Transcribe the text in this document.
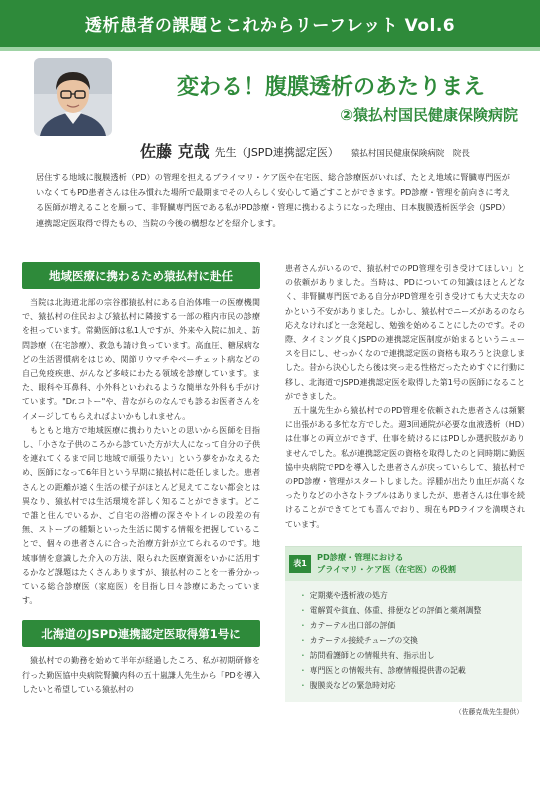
透析患者の課題とこれからリーフレット Vol.6
変わる！腹膜透析のあたりまえ
②猿払村国民健康保険病院
佐藤 克哉 先生（JSPD連携認定医） 猿払村国民健康保険病院　院長

居住する地域に腹膜透析（PD）の管理を担えるプライマリ・ケア医や在宅医、総合診療医がいれば、たとえ地域に腎臓専門医がいなくてもPD患者さんは住み慣れた場所で最期までその人らしく安心して過ごすことができます。PD診療・管理を前向きに考える医師が増えることを願って、非腎臓専門医である私がPD診療・管理に携わるようになった理由、日本腹膜透析医学会（JSPD）連携認定医取得で得たもの、当院の今後の構想などを紹介します。

地域医療に携わるため猿払村に赴任

当院は北海道北部の宗谷郡猿払村にある自治体唯一の医療機関で、猿払村の住民および猿払村に隣接する一部の稚内市民の診療を担っています。常勤医師は私1人ですが、外来や入院に加え、訪問診療（在宅診療）、救急も請け負っています。高血圧、糖尿病などの生活習慣病をはじめ、関節リウマチやベーチェット病などの自己免疫疾患、がんなど多岐にわたる領域を診療しています。また、眼科や耳鼻科、小外科といわれるような簡単な外科も手がけています。"Dr.コトー"や、昔ながらのなんでも診るお医者さんをイメージしてもらえればよいかもしれません。

もともと地方で地域医療に携わりたいとの思いから医師を目指し、「小さな子供のころから診ていた方が大人になって自分の子供を連れてくるまで同じ地域で頑張りたい」という夢をかなえるため、医師になって6年目という早期に猿払村に赴任しました。患者さんとの距離が遠く生活の様子がほとんど見えてこない都会とは異なり、猿払村では生活環境を詳しく知ることができます。どこで誰と住んでいるか、ご自宅の浴槽の深さやトイレの段差の有無、ストーブの種類といった生活に関する情報を把握していることで、個々の患者さんに合った治療方針が立てられるのです。地域事情を意識した介入の方法、限られた医療資源をいかに活用するかなど課題はたくさんありますが、猿払村のことを一番分かっている総合診療医（家庭医）を目指し日々診療にあたっています。

北海道のJSPD連携認定医取得第1号に

猿払村での勤務を始めて半年が経過したころ、私が初期研修を行った勤医協中央病院腎臓内科の五十嵐謙人先生から「PDを導入したいと希望している猿払村の

患者さんがいるので、猿払村でのPD管理を引き受けてほしい」との依頼がありました。当時は、PDについての知識はほとんどなく、非腎臓専門医である自分がPD管理を引き受けても大丈夫なのかという不安がありました。しかし、猿払村でニーズがあるのなら応えなければと一念発起し、勉強を始めることにしたのです。その際、タイミング良くJSPDの連携認定医制度が始まるというニュースを目にし、せっかくなので連携認定医の資格も取ろうと決意しました。昔から決心したら後は突っ走る性格だったためすぐに行動に移し、北海道でJSPD連携認定医を取得した第1号の医師になることができました。

五十嵐先生から猿払村でのPD管理を依頼された患者さんは頻繁に出張がある多忙な方でした。週3回通院が必要な血液透析（HD）は仕事との両立ができず、仕事を続けるにはPDしか選択肢がありませんでした。私が連携認定医の資格を取得したのと同時期に勤医協中央病院でPDを導入した患者さんが戻っていらして、猿払村でのPD診療・管理がスタートしました。浮腫が出たり血圧が高くなったりなどの小さなトラブルはありましたが、患者さんは仕事を続けることができてとても喜んでおり、現在もPDライフを満喫されています。

表1
PD診療・管理における
プライマリ・ケア医（在宅医）の役割
・ 定期薬や透析液の処方
・ 電解質や貧血、体重、排便などの評価と薬剤調整
・ カテーテル出口部の評価
・ カテーテル接続チューブの交換
・ 訪問看護師との情報共有、指示出し
・ 専門医との情報共有、診療情報提供書の記載
・ 腹膜炎などの緊急時対応
（佐藤克哉先生提供）
